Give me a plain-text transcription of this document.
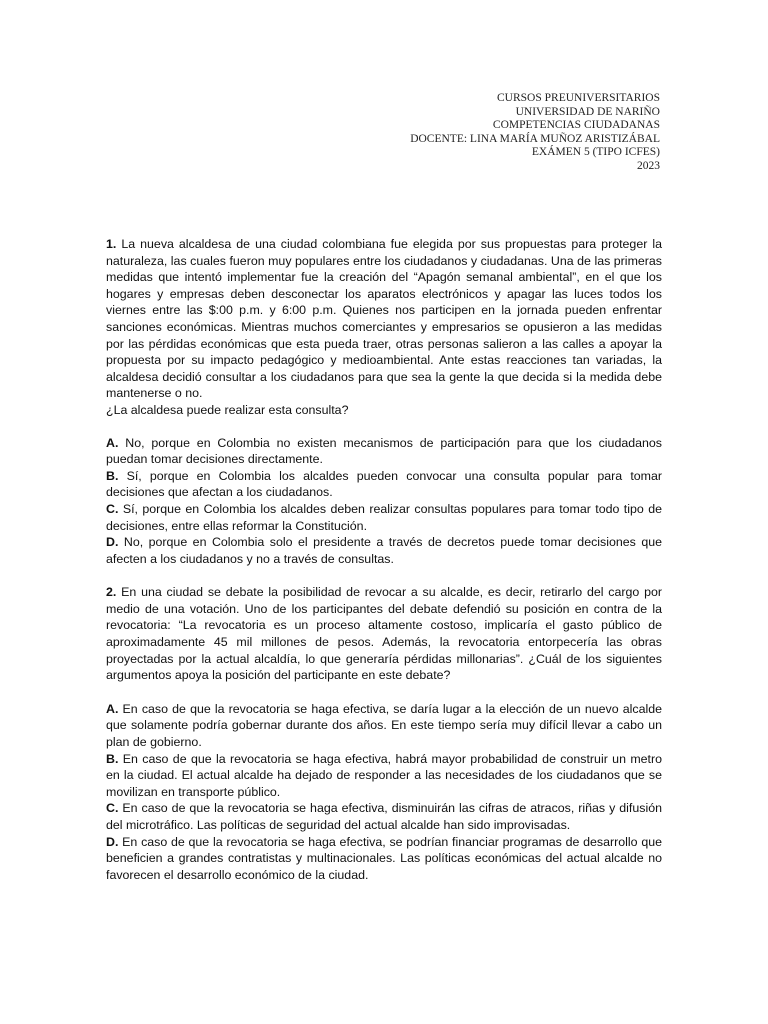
CURSOS PREUNIVERSITARIOS
UNIVERSIDAD DE NARIÑO
COMPETENCIAS CIUDADANAS
DOCENTE: LINA MARÍA MUÑOZ ARISTIZÁBAL
EXÁMEN 5 (TIPO ICFES)
2023

1. La nueva alcaldesa de una ciudad colombiana fue elegida por sus propuestas para proteger la naturaleza, las cuales fueron muy populares entre los ciudadanos y ciudadanas. Una de las primeras medidas que intentó implementar fue la creación del “Apagón semanal ambiental”, en el que los hogares y empresas deben desconectar los aparatos electrónicos y apagar las luces todos los viernes entre las $:00 p.m. y 6:00 p.m. Quienes nos participen en la jornada pueden enfrentar sanciones económicas. Mientras muchos comerciantes y empresarios se opusieron a las medidas por las pérdidas económicas que esta pueda traer, otras personas salieron a las calles a apoyar la propuesta por su impacto pedagógico y medioambiental. Ante estas reacciones tan variadas, la alcaldesa decidió consultar a los ciudadanos para que sea la gente la que decida si la medida debe mantenerse o no.

¿La alcaldesa puede realizar esta consulta?

A. No, porque en Colombia no existen mecanismos de participación para que los ciudadanos puedan tomar decisiones directamente.

B. Sí, porque en Colombia los alcaldes pueden convocar una consulta popular para tomar decisiones que afectan a los ciudadanos.

C. Sí, porque en Colombia los alcaldes deben realizar consultas populares para tomar todo tipo de decisiones, entre ellas reformar la Constitución.

D. No, porque en Colombia solo el presidente a través de decretos puede tomar decisiones que afecten a los ciudadanos y no a través de consultas.

2. En una ciudad se debate la posibilidad de revocar a su alcalde, es decir, retirarlo del cargo por medio de una votación. Uno de los participantes del debate defendió su posición en contra de la revocatoria: “La revocatoria es un proceso altamente costoso, implicaría el gasto público de aproximadamente 45 mil millones de pesos. Además, la revocatoria entorpecería las obras proyectadas por la actual alcaldía, lo que generaría pérdidas millonarias”. ¿Cuál de los siguientes argumentos apoya la posición del participante en este debate?

A. En caso de que la revocatoria se haga efectiva, se daría lugar a la elección de un nuevo alcalde que solamente podría gobernar durante dos años. En este tiempo sería muy difícil llevar a cabo un plan de gobierno.

B. En caso de que la revocatoria se haga efectiva, habrá mayor probabilidad de construir un metro en la ciudad. El actual alcalde ha dejado de responder a las necesidades de los ciudadanos que se movilizan en transporte público.

C. En caso de que la revocatoria se haga efectiva, disminuirán las cifras de atracos, riñas y difusión del microtráfico. Las políticas de seguridad del actual alcalde han sido improvisadas.

D. En caso de que la revocatoria se haga efectiva, se podrían financiar programas de desarrollo que beneficien a grandes contratistas y multinacionales. Las políticas económicas del actual alcalde no favorecen el desarrollo económico de la ciudad.
